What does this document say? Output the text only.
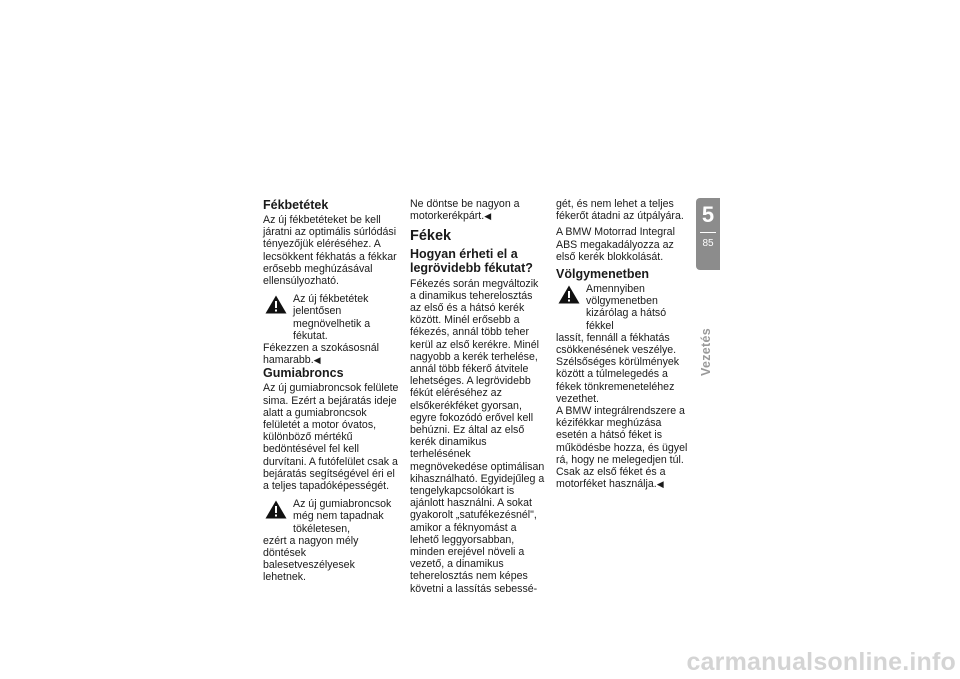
Fékbetétek

Az új fékbetéteket be kell járatni az optimális súrlódási tényezőjük eléréséhez. A lecsökkent fékhatás a fékkar erősebb meghúzásával ellensúlyozható.

Az új fékbetétek jelentősen megnövelhetik a fékutat.
Fékezzen a szokásosnál hamarabb.◀
Gumiabroncs

Az új gumiabroncsok felülete sima. Ezért a bejáratás ideje alatt a gumiabroncsok felületét a motor óvatos, különböző mértékű bedöntésével fel kell durvítani. A futófelület csak a bejáratás segítségével éri el a teljes tapadóképességét.

Az új gumiabroncsok még nem tapadnak tökéletesen,
ezért a nagyon mély döntések balesetveszélyesek lehetnek.

Ne döntse be nagyon a motorkerékpárt.◀

Fékek
Hogyan érheti el a legrövidebb fékutat?

Fékezés során megváltozik a dinamikus teherelosztás az első és a hátsó kerék között. Minél erősebb a fékezés, annál több teher kerül az első kerékre. Minél nagyobb a kerék terhelése, annál több fékerő átvitele lehetséges. A legrövidebb fékút eléréséhez az elsőkerékféket gyorsan, egyre fokozódó erővel kell behúzni. Ez által az első kerék dinamikus terhelésének megnövekedése optimálisan kihasználható. Egyidejűleg a tengelykapcsolókart is ajánlott használni. A sokat gyakorolt „satufékezésnél", amikor a féknyomást a lehető leggyorsabban, minden erejével növeli a vezető, a dinamikus teherelosztás nem képes követni a lassítás sebessé-

gét, és nem lehet a teljes fékerőt átadni az útpályára.

A BMW Motorrad Integral ABS megakadályozza az első kerék blokkolását.

Völgymenetben
Amennyiben völgymenetben kizárólag a hátsó fékkel
lassít, fennáll a fékhatás csökkenésének veszélye. Szélsőséges körülmények között a túlmelegedés a fékek tönkremeneteléhez vezethet.

A BMW integrálrendszere a kézifékkar meghúzása esetén a hátsó féket is működésbe hozza, és ügyel rá, hogy ne melegedjen túl. Csak az első féket és a motorféket használja.◀

5
85
Vezetés
carmanualsonline.info
